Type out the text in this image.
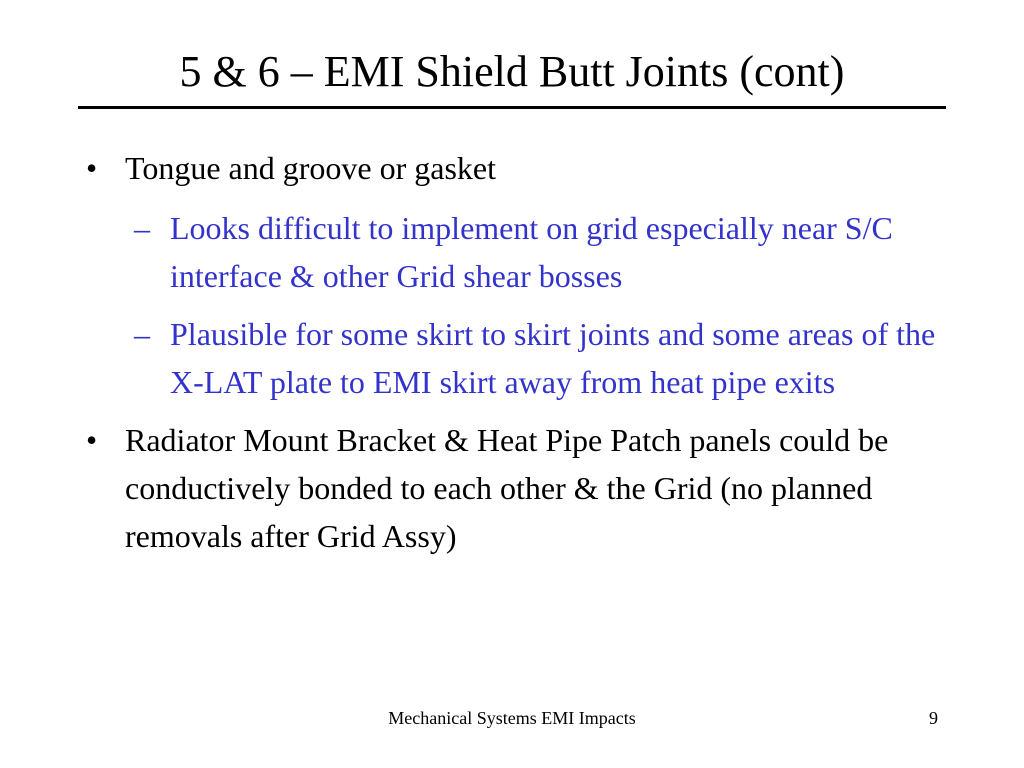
5 & 6 – EMI Shield Butt Joints (cont)
• Tongue and groove or gasket
– Looks difficult to implement on grid especially near S/C interface & other Grid shear bosses
– Plausible for some skirt to skirt joints and some areas of the X-LAT plate to EMI skirt away from heat pipe exits
• Radiator Mount Bracket & Heat Pipe Patch panels could be conductively bonded to each other & the Grid (no planned removals after Grid Assy)
Mechanical Systems EMI Impacts	9
